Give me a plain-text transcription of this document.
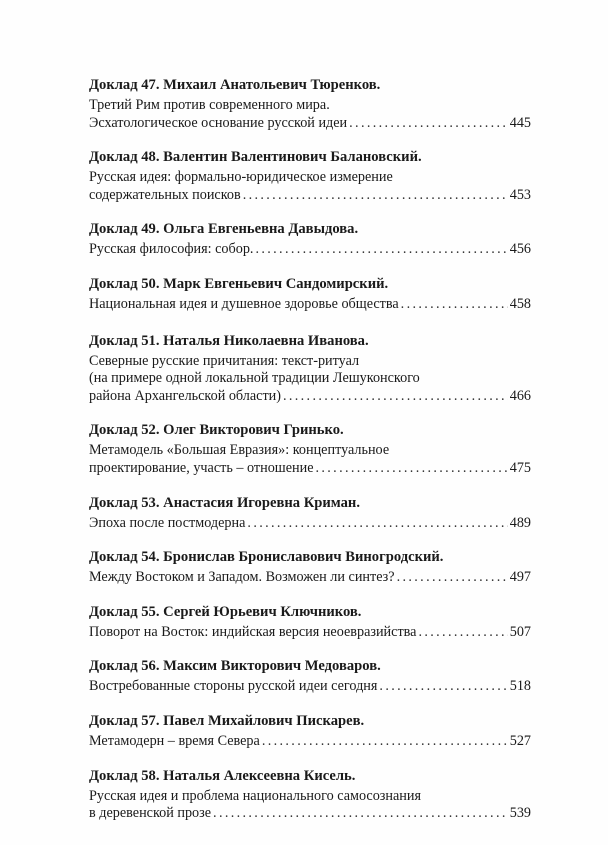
Доклад 47. Михаил Анатольевич Тюренков.
Третий Рим против современного мира.
Эсхатологическое основание русской идеи . . .	445
Доклад 48. Валентин Валентинович Балановский.
Русская идея: формально-юридическое измерение
содержательных поисков . . .	453
Доклад 49. Ольга Евгеньевна Давыдова.
Русская философия: собор. . . .	456
Доклад 50. Марк Евгеньевич Сандомирский.
Национальная идея и душевное здоровье общества . . .	458
Доклад 51. Наталья Николаевна Иванова.
Северные русские причитания: текст-ритуал
(на примере одной локальной традиции Лешуконского
района Архангельской области) . . .	466
Доклад 52. Олег Викторович Гринько.
Метамодель «Большая Евразия»: концептуальное
проектирование, участь – отношение . . .	475
Доклад 53. Анастасия Игоревна Криман.
Эпоха после постмодерна . . .	489
Доклад 54. Бронислав Брониславович Виногродский.
Между Востоком и Западом. Возможен ли синтез? . . .	497
Доклад 55. Сергей Юрьевич Ключников.
Поворот на Восток: индийская версия неоевразийства . . .	507
Доклад 56. Максим Викторович Медоваров.
Востребованные стороны русской идеи сегодня . . .	518
Доклад 57. Павел Михайлович Пискарев.
Метамодерн – время Севера . . .	527
Доклад 58. Наталья Алексеевна Кисель.
Русская идея и проблема национального самосознания
в деревенской прозе . . .	539
